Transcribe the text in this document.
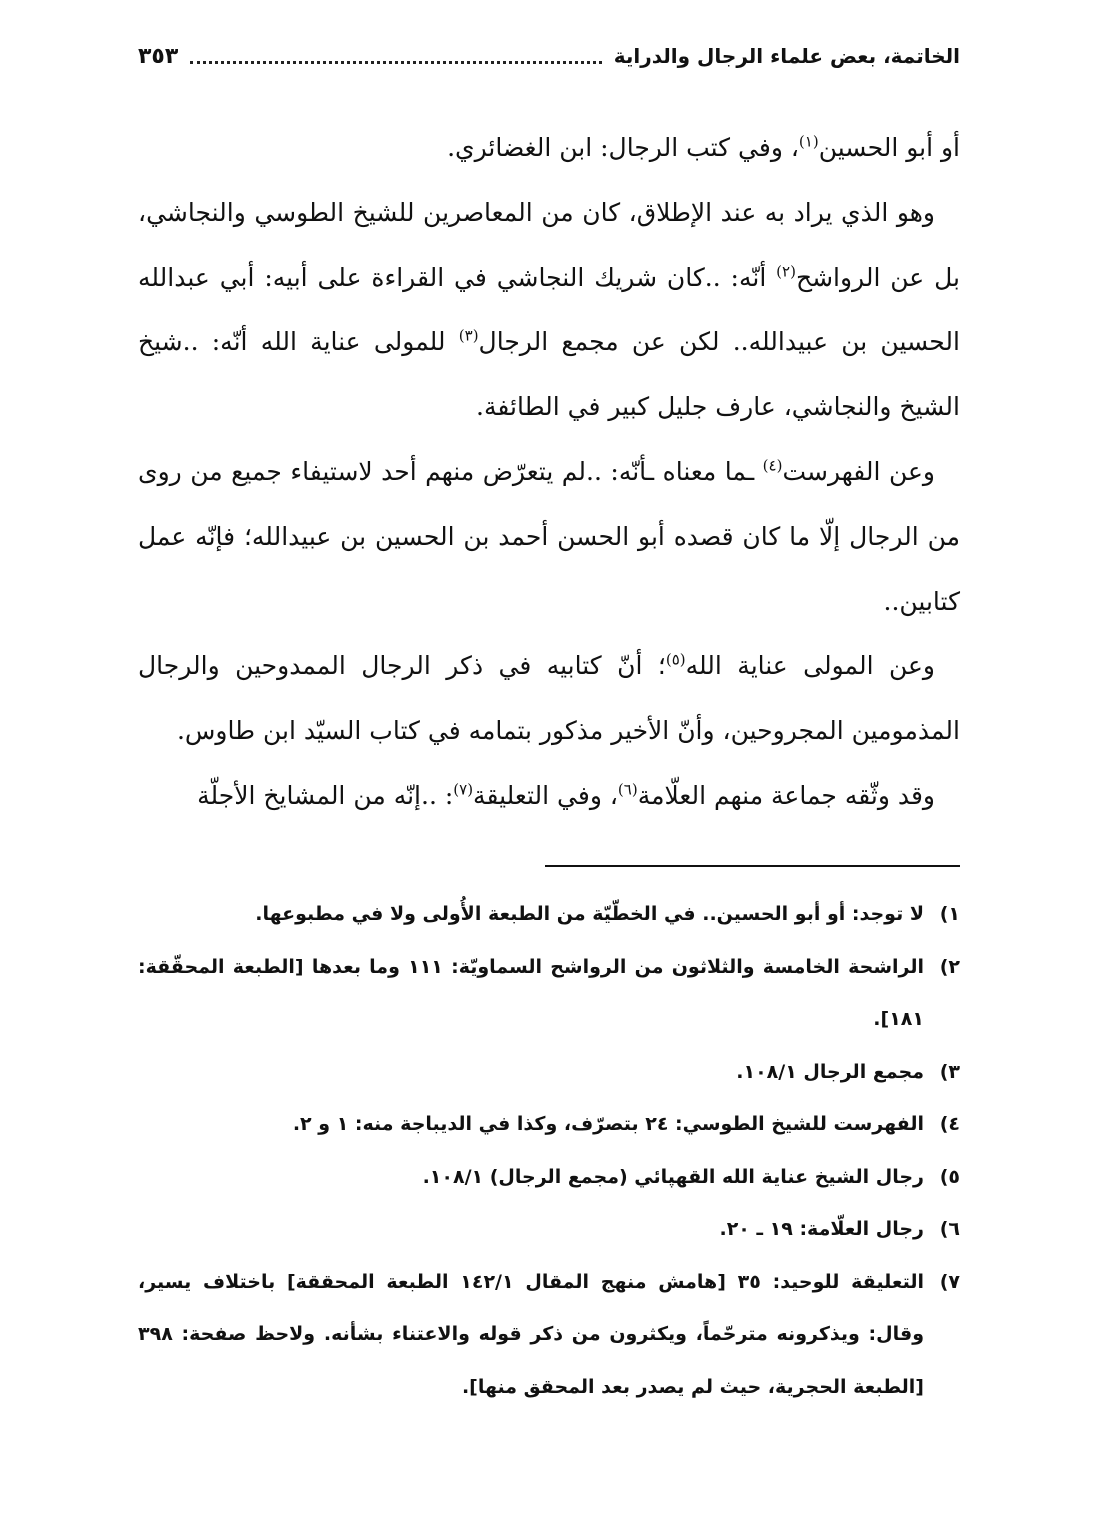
الخاتمة، بعض علماء الرجال والدراية
٣٥٣

أو أبو الحسين$^{(١)}$، وفي كتب الرجال: ابن الغضائري.

 وهو الذي يراد به عند الإطلاق، كان من المعاصرين للشيخ الطوسي والنجاشي، بل عن الرواشح$^{(٢)}$ أنّه: ..كان شريك النجاشي في القراءة على أبيه: أبي عبدالله الحسين بن عبيدالله.. لكن عن مجمع الرجال$^{(٣)}$ للمولى عناية الله أنّه: ..شيخ الشيخ والنجاشي، عارف جليل كبير في الطائفة.

 وعن الفهرست$^{(٤)}$ ـما معناه ـأنّه: ..لم يتعرّض منهم أحد لاستيفاء جميع من روى من الرجال إلّا ما كان قصده أبو الحسن أحمد بن الحسين بن عبيدالله؛ فإنّه عمل كتابين..

 وعن المولى عناية الله$^{(٥)}$؛ أنّ كتابيه في ذكر الرجال الممدوحين والرجال المذمومين المجروحين، وأنّ الأخير مذكور بتمامه في كتاب السيّد ابن طاوس.

 وقد وثّقه جماعة منهم العلّامة$^{(٦)}$، وفي التعليقة$^{(٧)}$: ..إنّه من المشايخ الأجلّة

١)
لا توجد: أو أبو الحسين.. في الخطّيّة من الطبعة الأُولى ولا في مطبوعها.
٢)
الراشحة الخامسة والثلاثون من الرواشح السماويّة: ١١١ وما بعدها [الطبعة المحقّقة: ١٨١].
٣)
مجمع الرجال ١٠٨/١.
٤)
الفهرست للشيخ الطوسي: ٢٤ بتصرّف، وكذا في الديباجة منه: ١ و ٢.
٥)
رجال الشيخ عناية الله القهپائي (مجمع الرجال) ١٠٨/١.
٦)
رجال العلّامة: ١٩ ـ ٢٠.
٧)
التعليقة للوحيد: ٣٥ [هامش منهج المقال ١٤٢/١ الطبعة المحققة] باختلاف يسير، وقال: ويذكرونه مترحّماً، ويكثرون من ذكر قوله والاعتناء بشأنه. ولاحظ صفحة: ٣٩٨ [الطبعة الحجرية، حيث لم يصدر بعد المحقق منها].
